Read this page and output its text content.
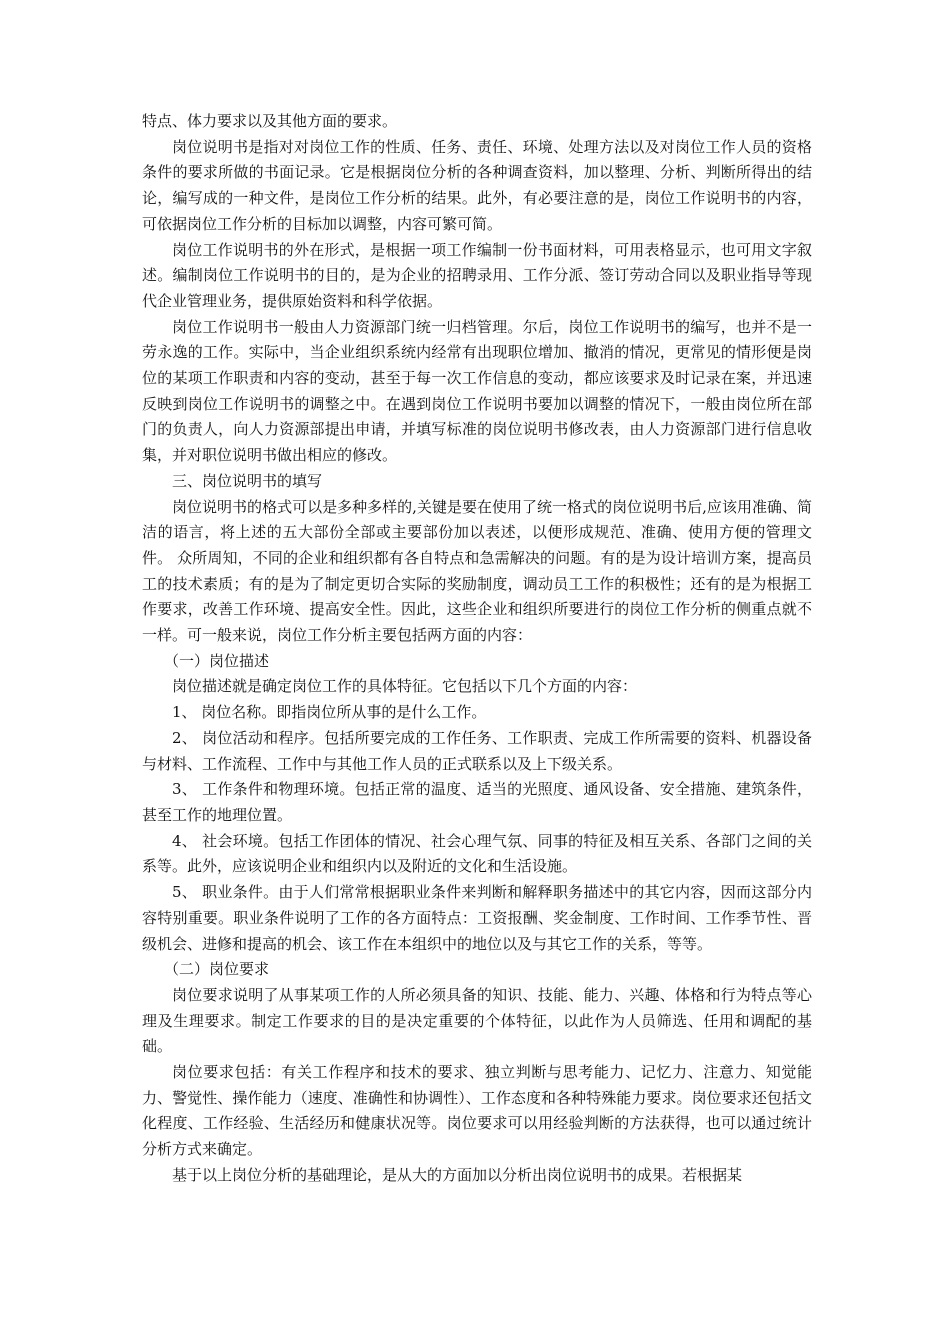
特点、体力要求以及其他方面的要求。

岗位说明书是指对对岗位工作的性质、任务、责任、环境、处理方法以及对岗位工作人员的资格条件的要求所做的书面记录。它是根据岗位分析的各种调查资料，加以整理、分析、判断所得出的结论，编写成的一种文件，是岗位工作分析的结果。此外，有必要注意的是，岗位工作说明书的内容，可依据岗位工作分析的目标加以调整，内容可繁可简。

岗位工作说明书的外在形式，是根据一项工作编制一份书面材料，可用表格显示，也可用文字叙述。编制岗位工作说明书的目的，是为企业的招聘录用、工作分派、签订劳动合同以及职业指导等现代企业管理业务，提供原始资料和科学依据。

岗位工作说明书一般由人力资源部门统一归档管理。尔后，岗位工作说明书的编写，也并不是一劳永逸的工作。实际中，当企业组织系统内经常有出现职位增加、撤消的情况，更常见的情形便是岗位的某项工作职责和内容的变动，甚至于每一次工作信息的变动，都应该要求及时记录在案，并迅速反映到岗位工作说明书的调整之中。在遇到岗位工作说明书要加以调整的情况下，一般由岗位所在部门的负责人，向人力资源部提出申请，并填写标准的岗位说明书修改表，由人力资源部门进行信息收集，并对职位说明书做出相应的修改。

三、岗位说明书的填写

岗位说明书的格式可以是多种多样的,关键是要在使用了统一格式的岗位说明书后,应该用准确、简洁的语言，将上述的五大部份全部或主要部份加以表述，以便形成规范、准确、使用方便的管理文件。 众所周知，不同的企业和组织都有各自特点和急需解决的问题。有的是为设计培训方案，提高员工的技术素质；有的是为了制定更切合实际的奖励制度，调动员工工作的积极性；还有的是为根据工作要求，改善工作环境、提高安全性。因此，这些企业和组织所要进行的岗位工作分析的侧重点就不一样。可一般来说，岗位工作分析主要包括两方面的内容：

（一）岗位描述

岗位描述就是确定岗位工作的具体特征。它包括以下几个方面的内容：

1、 岗位名称。即指岗位所从事的是什么工作。

2、 岗位活动和程序。包括所要完成的工作任务、工作职责、完成工作所需要的资料、机器设备与材料、工作流程、工作中与其他工作人员的正式联系以及上下级关系。

3、 工作条件和物理环境。包括正常的温度、适当的光照度、通风设备、安全措施、建筑条件，甚至工作的地理位置。

4、 社会环境。包括工作团体的情况、社会心理气氛、同事的特征及相互关系、各部门之间的关系等。此外，应该说明企业和组织内以及附近的文化和生活设施。

5、 职业条件。由于人们常常根据职业条件来判断和解释职务描述中的其它内容，因而这部分内容特别重要。职业条件说明了工作的各方面特点：工资报酬、奖金制度、工作时间、工作季节性、晋级机会、进修和提高的机会、该工作在本组织中的地位以及与其它工作的关系，等等。

（二）岗位要求

岗位要求说明了从事某项工作的人所必须具备的知识、技能、能力、兴趣、体格和行为特点等心理及生理要求。制定工作要求的目的是决定重要的个体特征，以此作为人员筛选、任用和调配的基础。

岗位要求包括：有关工作程序和技术的要求、独立判断与思考能力、记忆力、注意力、知觉能力、警觉性、操作能力（速度、准确性和协调性）、工作态度和各种特殊能力要求。岗位要求还包括文化程度、工作经验、生活经历和健康状况等。岗位要求可以用经验判断的方法获得，也可以通过统计分析方式来确定。

基于以上岗位分析的基础理论，是从大的方面加以分析出岗位说明书的成果。若根据某
